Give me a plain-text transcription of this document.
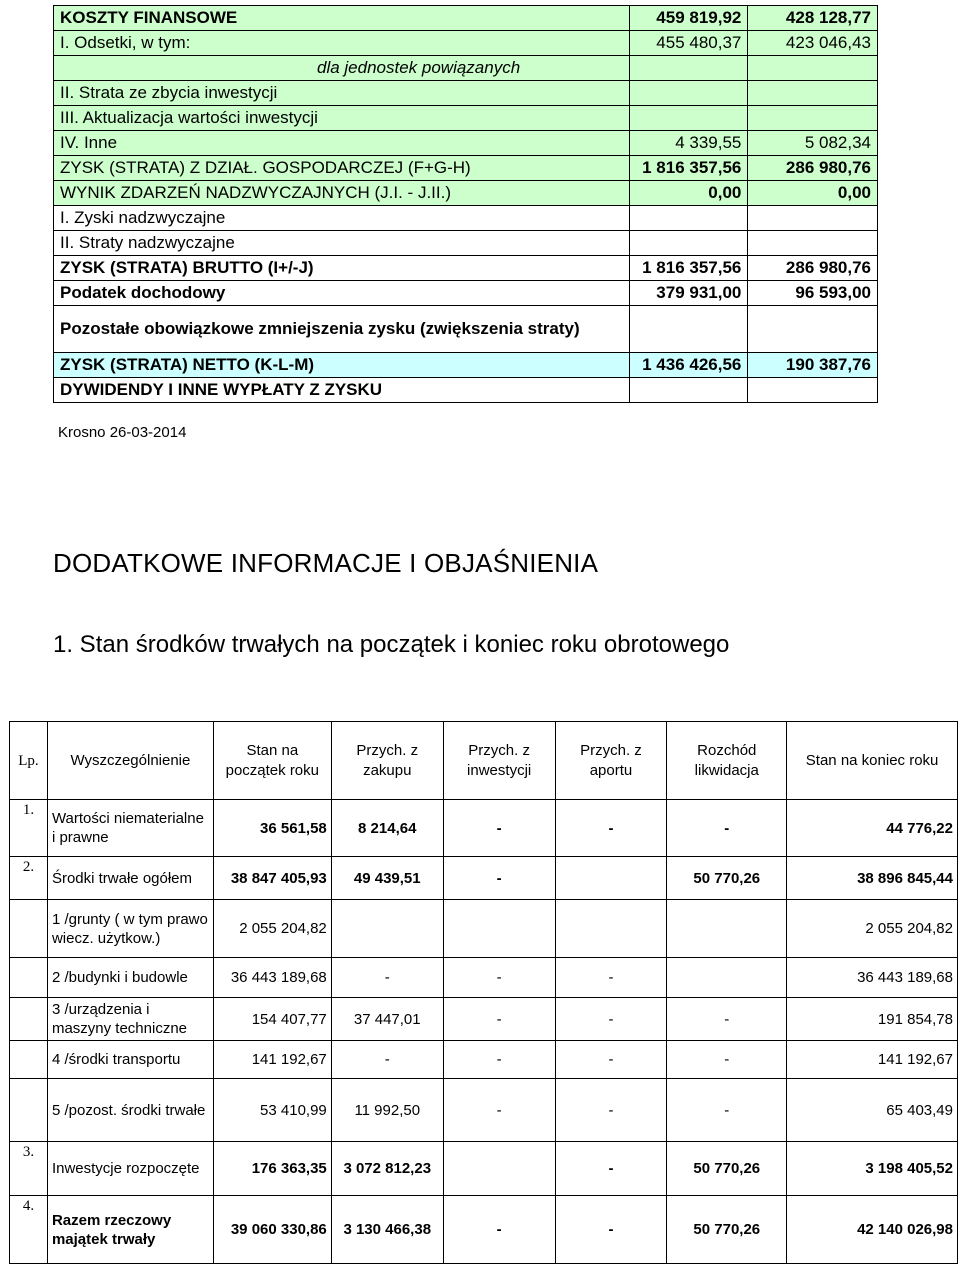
KOSZTY FINANSOWE	459 819,92	428 128,77
I. Odsetki, w tym:	455 480,37	423 046,43
dla jednostek powiązanych		
II. Strata ze zbycia inwestycji		
III. Aktualizacja wartości inwestycji		
IV. Inne	4 339,55	5 082,34
ZYSK (STRATA) Z DZIAŁ. GOSPODARCZEJ (F+G-H)	1 816 357,56	286 980,76
WYNIK ZDARZEŃ NADZWYCZAJNYCH (J.I. - J.II.)	0,00	0,00
I. Zyski nadzwyczajne		
II. Straty nadzwyczajne		
ZYSK (STRATA) BRUTTO (I+/-J)	1 816 357,56	286 980,76
Podatek dochodowy	379 931,00	96 593,00
Pozostałe obowiązkowe zmniejszenia zysku (zwiększenia straty)		
ZYSK (STRATA) NETTO (K-L-M)	1 436 426,56	190 387,76
DYWIDENDY I INNE WYPŁATY Z ZYSKU		
Krosno 26-03-2014
DODATKOWE INFORMACJE I OBJAŚNIENIA
1. Stan środków trwałych na początek i koniec roku obrotowego
Lp.	Wyszczególnienie	Stan na początek roku	Przych. z zakupu	Przych. z inwestycji	Przych. z aportu	Rozchód likwidacja	Stan na koniec roku
1.	Wartości niematerialne i prawne	36 561,58	8 214,64	-	-	-	44 776,22
2.	Środki trwałe ogółem	38 847 405,93	49 439,51	-		50 770,26	38 896 845,44
	1 /grunty ( w tym prawo wiecz. użytkow.)	2 055 204,82					2 055 204,82
	2 /budynki i budowle	36 443 189,68	-	-	-		36 443 189,68
	3 /urządzenia i maszyny techniczne	154 407,77	37 447,01	-	-	-	191 854,78
	4 /środki transportu	141 192,67	-	-	-	-	141 192,67
	5 /pozost. środki trwałe	53 410,99	11 992,50	-	-	-	65 403,49
3.	Inwestycje rozpoczęte	176 363,35	3 072 812,23		-	50 770,26	3 198 405,52
4.	Razem rzeczowy majątek trwały	39 060 330,86	3 130 466,38	-	-	50 770,26	42 140 026,98
